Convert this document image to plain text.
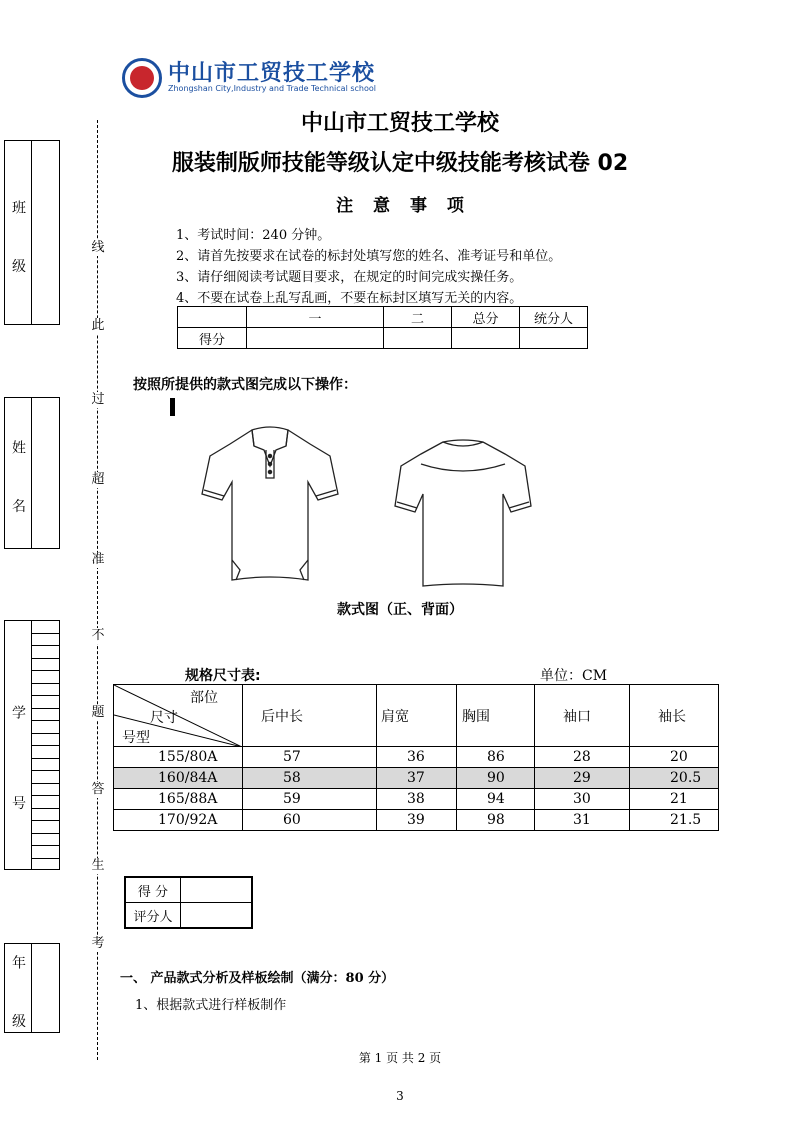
线
此
过
超
准
不
题
答
生
考
班 级
姓 名
学 号
年 级
中山市工贸技工学校
Zhongshan City,Industry and Trade Technical school
中山市工贸技工学校
服装制版师技能等级认定中级技能考核试卷 02
注 意 事 项
1、考试时间：240 分钟。
2、请首先按要求在试卷的标封处填写您的姓名、准考证号和单位。
3、请仔细阅读考试题目要求，在规定的时间完成实操任务。
4、不要在试卷上乱写乱画，不要在标封区填写无关的内容。
	一	二	总分	统分人
得分				
按照所提供的款式图完成以下操作：
款式图（正、背面）
规格尺寸表:	单位：CM
部位
尺寸
号型	后中长	肩宽	胸围	袖口	袖长
155/80A	57	36	86	28	20
160/84A	58	37	90	29	20.5
165/88A	59	38	94	30	21
170/92A	60	39	98	31	21.5
得 分	
评分人	
一、 产品款式分析及样板绘制（满分：80 分）
1、根据款式进行样板制作
第 1 页 共 2 页
3
